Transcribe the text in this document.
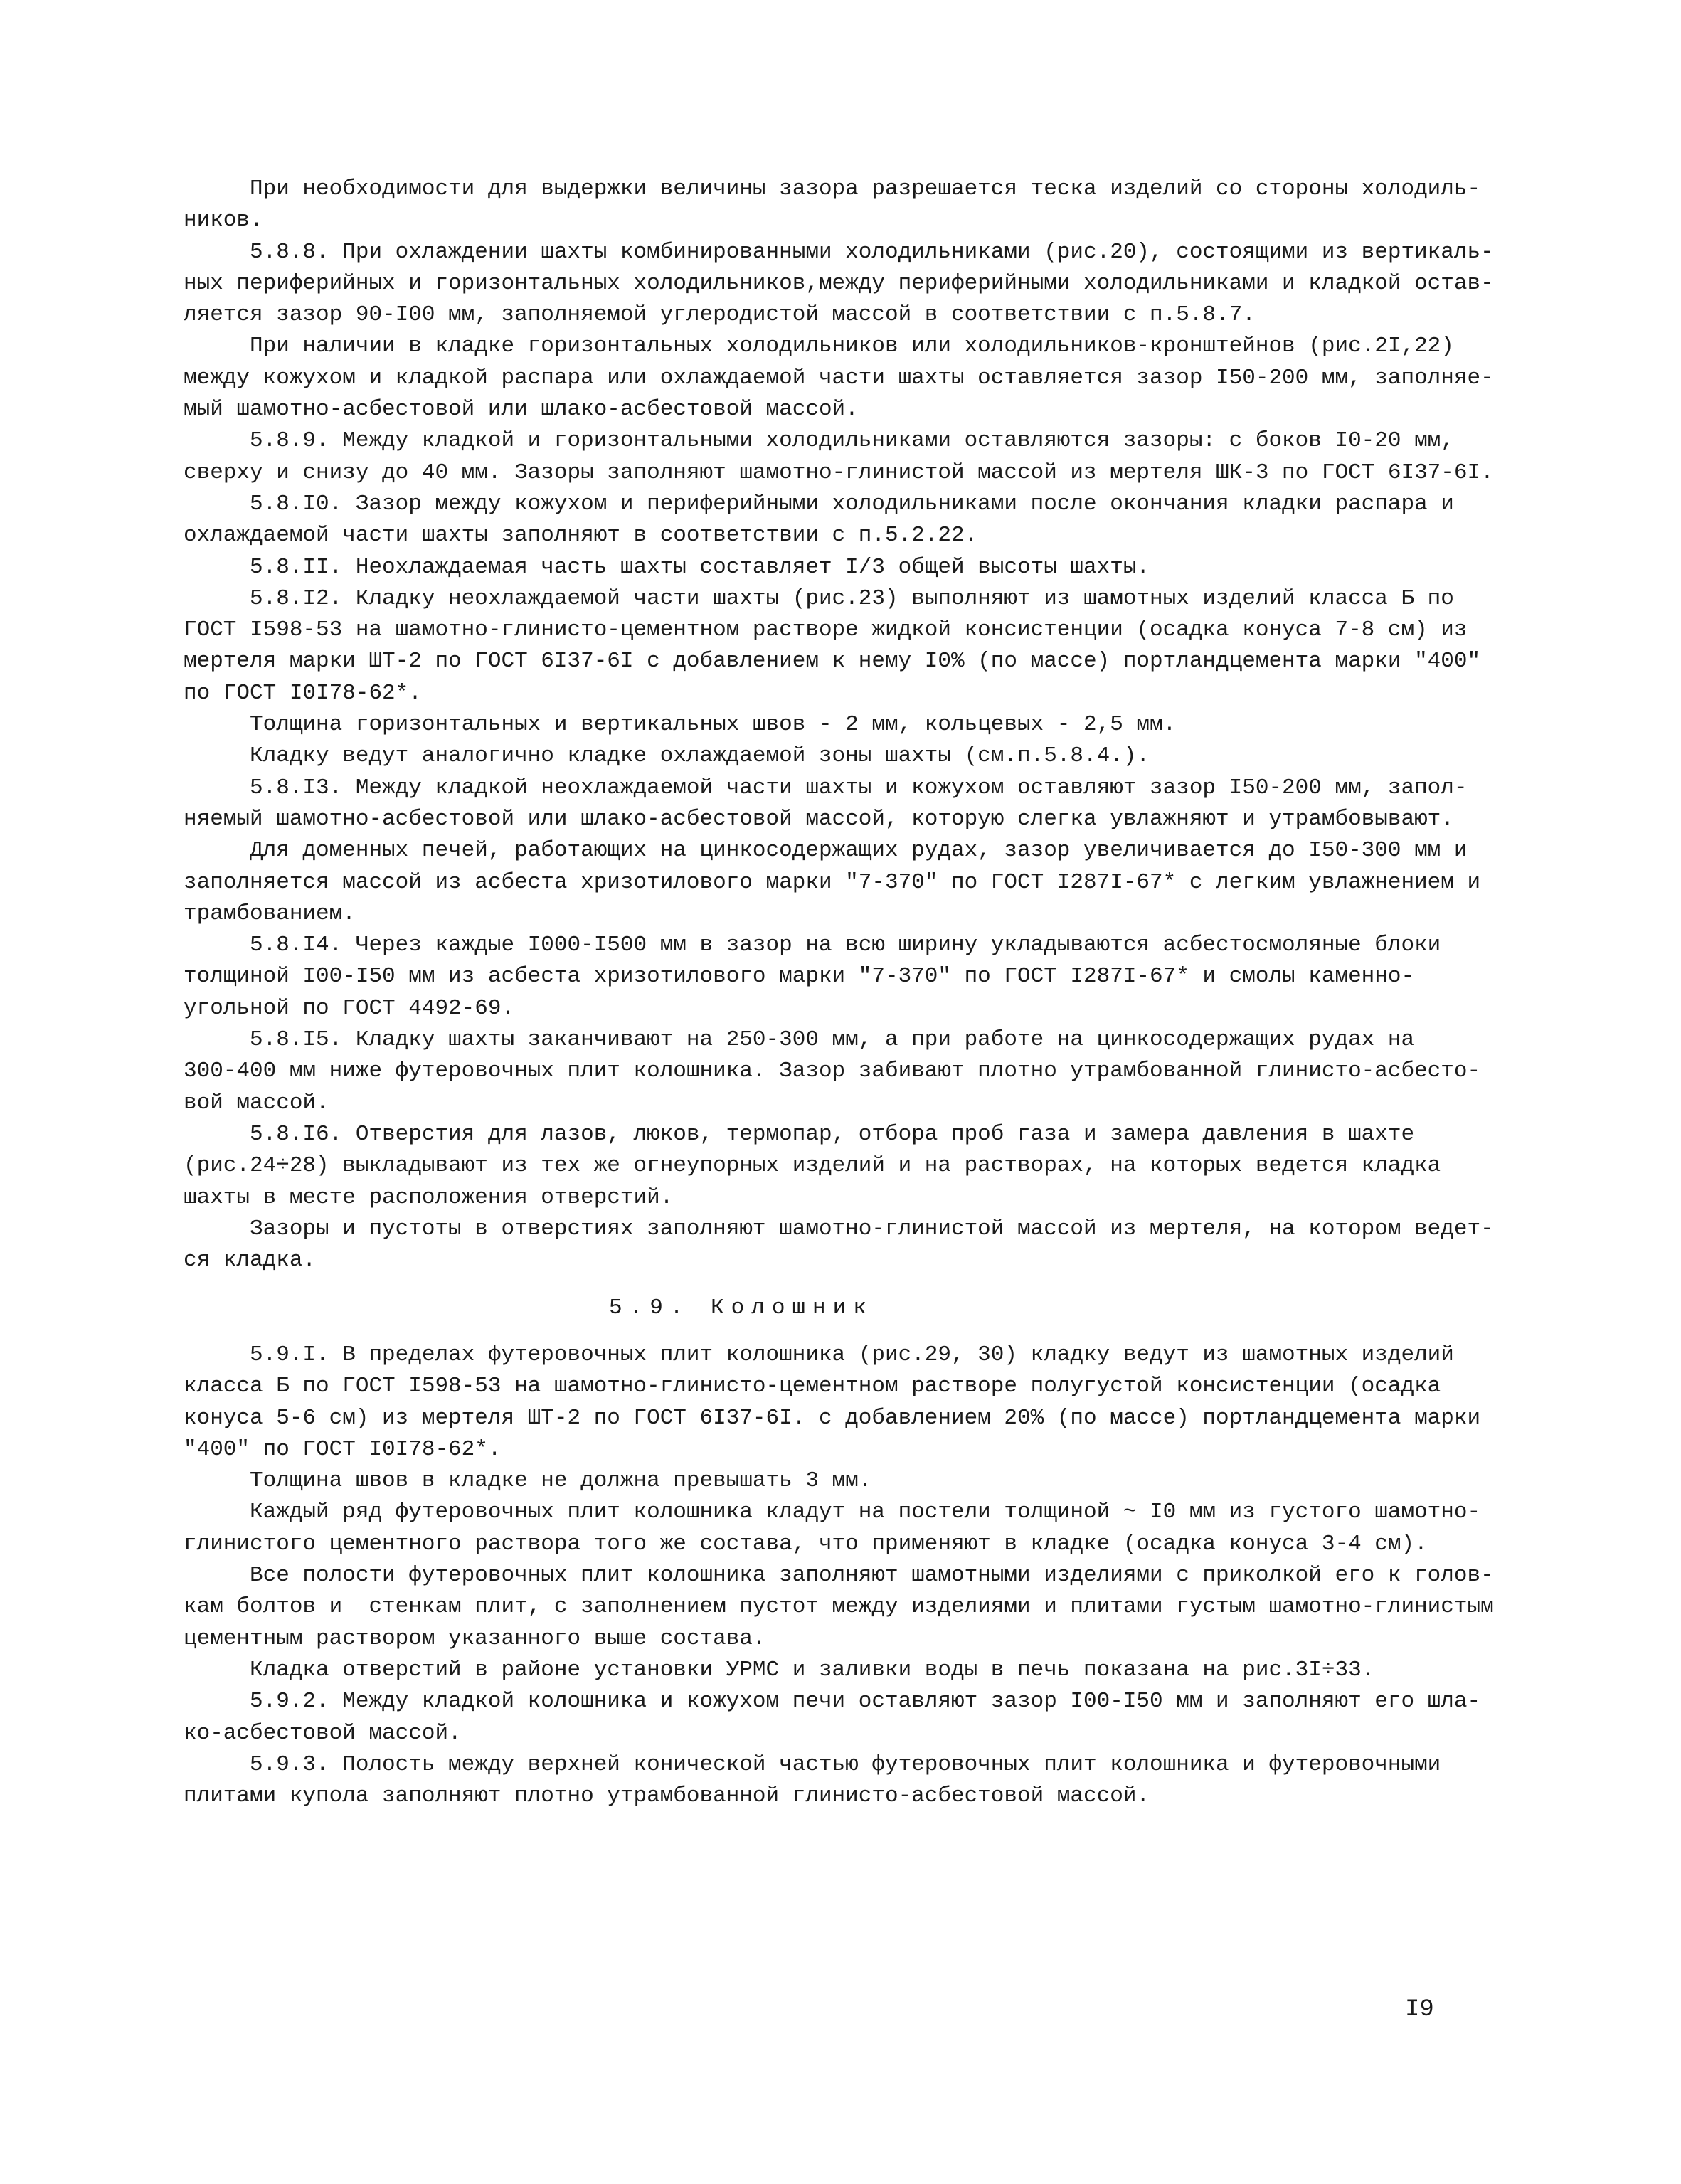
При необходимости для выдержки величины зазора разрешается теска изделий со стороны холодиль-
ников.
5.8.8. При охлаждении шахты комбинированными холодильниками (рис.20), состоящими из вертикаль-
ных периферийных и горизонтальных холодильников,между периферийными холодильниками и кладкой остав-
ляется зазор 90-I00 мм, заполняемой углеродистой массой в соответствии с п.5.8.7.
При наличии в кладке горизонтальных холодильников или холодильников-кронштейнов (рис.2I,22)
между кожухом и кладкой распара или охлаждаемой части шахты оставляется зазор I50-200 мм, заполняе-
мый шамотно-асбестовой или шлако-асбестовой массой.
5.8.9. Между кладкой и горизонтальными холодильниками оставляются зазоры: с боков I0-20 мм,
сверху и снизу до 40 мм. Зазоры заполняют шамотно-глинистой массой из мертеля ШК-3 по ГОСТ 6I37-6I.
5.8.I0. Зазор между кожухом и периферийными холодильниками после окончания кладки распара и
охлаждаемой части шахты заполняют в соответствии с п.5.2.22.
5.8.II. Неохлаждаемая часть шахты составляет I/3 общей высоты шахты.
5.8.I2. Кладку неохлаждаемой части шахты (рис.23) выполняют из шамотных изделий класса Б по
ГОСТ I598-53 на шамотно-глинисто-цементном растворе жидкой консистенции (осадка конуса 7-8 см) из
мертеля марки ШТ-2 по ГОСТ 6I37-6I с добавлением к нему I0% (по массе) портландцемента марки "400"
по ГОСТ I0I78-62*.
Толщина горизонтальных и вертикальных швов - 2 мм, кольцевых - 2,5 мм.
Кладку ведут аналогично кладке охлаждаемой зоны шахты (см.п.5.8.4.).
5.8.I3. Между кладкой неохлаждаемой части шахты и кожухом оставляют зазор I50-200 мм, запол-
няемый шамотно-асбестовой или шлако-асбестовой массой, которую слегка увлажняют и утрамбовывают.
Для доменных печей, работающих на цинкосодержащих рудах, зазор увеличивается до I50-300 мм и
заполняется массой из асбеста хризотилового марки "7-370" по ГОСТ I287I-67* с легким увлажнением и
трамбованием.
5.8.I4. Через каждые I000-I500 мм в зазор на всю ширину укладываются асбестосмоляные блоки
толщиной I00-I50 мм из асбеста хризотилового марки "7-370" по ГОСТ I287I-67* и смолы каменно-
угольной по ГОСТ 4492-69.
5.8.I5. Кладку шахты заканчивают на 250-300 мм, а при работе на цинкосодержащих рудах на
300-400 мм ниже футеровочных плит колошника. Зазор забивают плотно утрамбованной глинисто-асбесто-
вой массой.
5.8.I6. Отверстия для лазов, люков, термопар, отбора проб газа и замера давления в шахте
(рис.24÷28) выкладывают из тех же огнеупорных изделий и на растворах, на которых ведется кладка
шахты в месте расположения отверстий.
Зазоры и пустоты в отверстиях заполняют шамотно-глинистой массой из мертеля, на котором ведет-
ся кладка.
5.9. Колошник
5.9.I. В пределах футеровочных плит колошника (рис.29, 30) кладку ведут из шамотных изделий
класса Б по ГОСТ I598-53 на шамотно-глинисто-цементном растворе полугустой консистенции (осадка
конуса 5-6 см) из мертеля ШТ-2 по ГОСТ 6I37-6I. с добавлением 20% (по массе) портландцемента марки
"400" по ГОСТ I0I78-62*.
Толщина швов в кладке не должна превышать 3 мм.
Каждый ряд футеровочных плит колошника кладут на постели толщиной ~ I0 мм из густого шамотно-
глинистого цементного раствора того же состава, что применяют в кладке (осадка конуса 3-4 см).
Все полости футеровочных плит колошника заполняют шамотными изделиями с приколкой его к голов-
кам болтов и  стенкам плит, с заполнением пустот между изделиями и плитами густым шамотно-глинистым
цементным раствором указанного выше состава.
Кладка отверстий в районе установки УРМС и заливки воды в печь показана на рис.3I÷33.
5.9.2. Между кладкой колошника и кожухом печи оставляют зазор I00-I50 мм и заполняют его шла-
ко-асбестовой массой.
5.9.3. Полость между верхней конической частью футеровочных плит колошника и футеровочными
плитами купола заполняют плотно утрамбованной глинисто-асбестовой массой.
I9
